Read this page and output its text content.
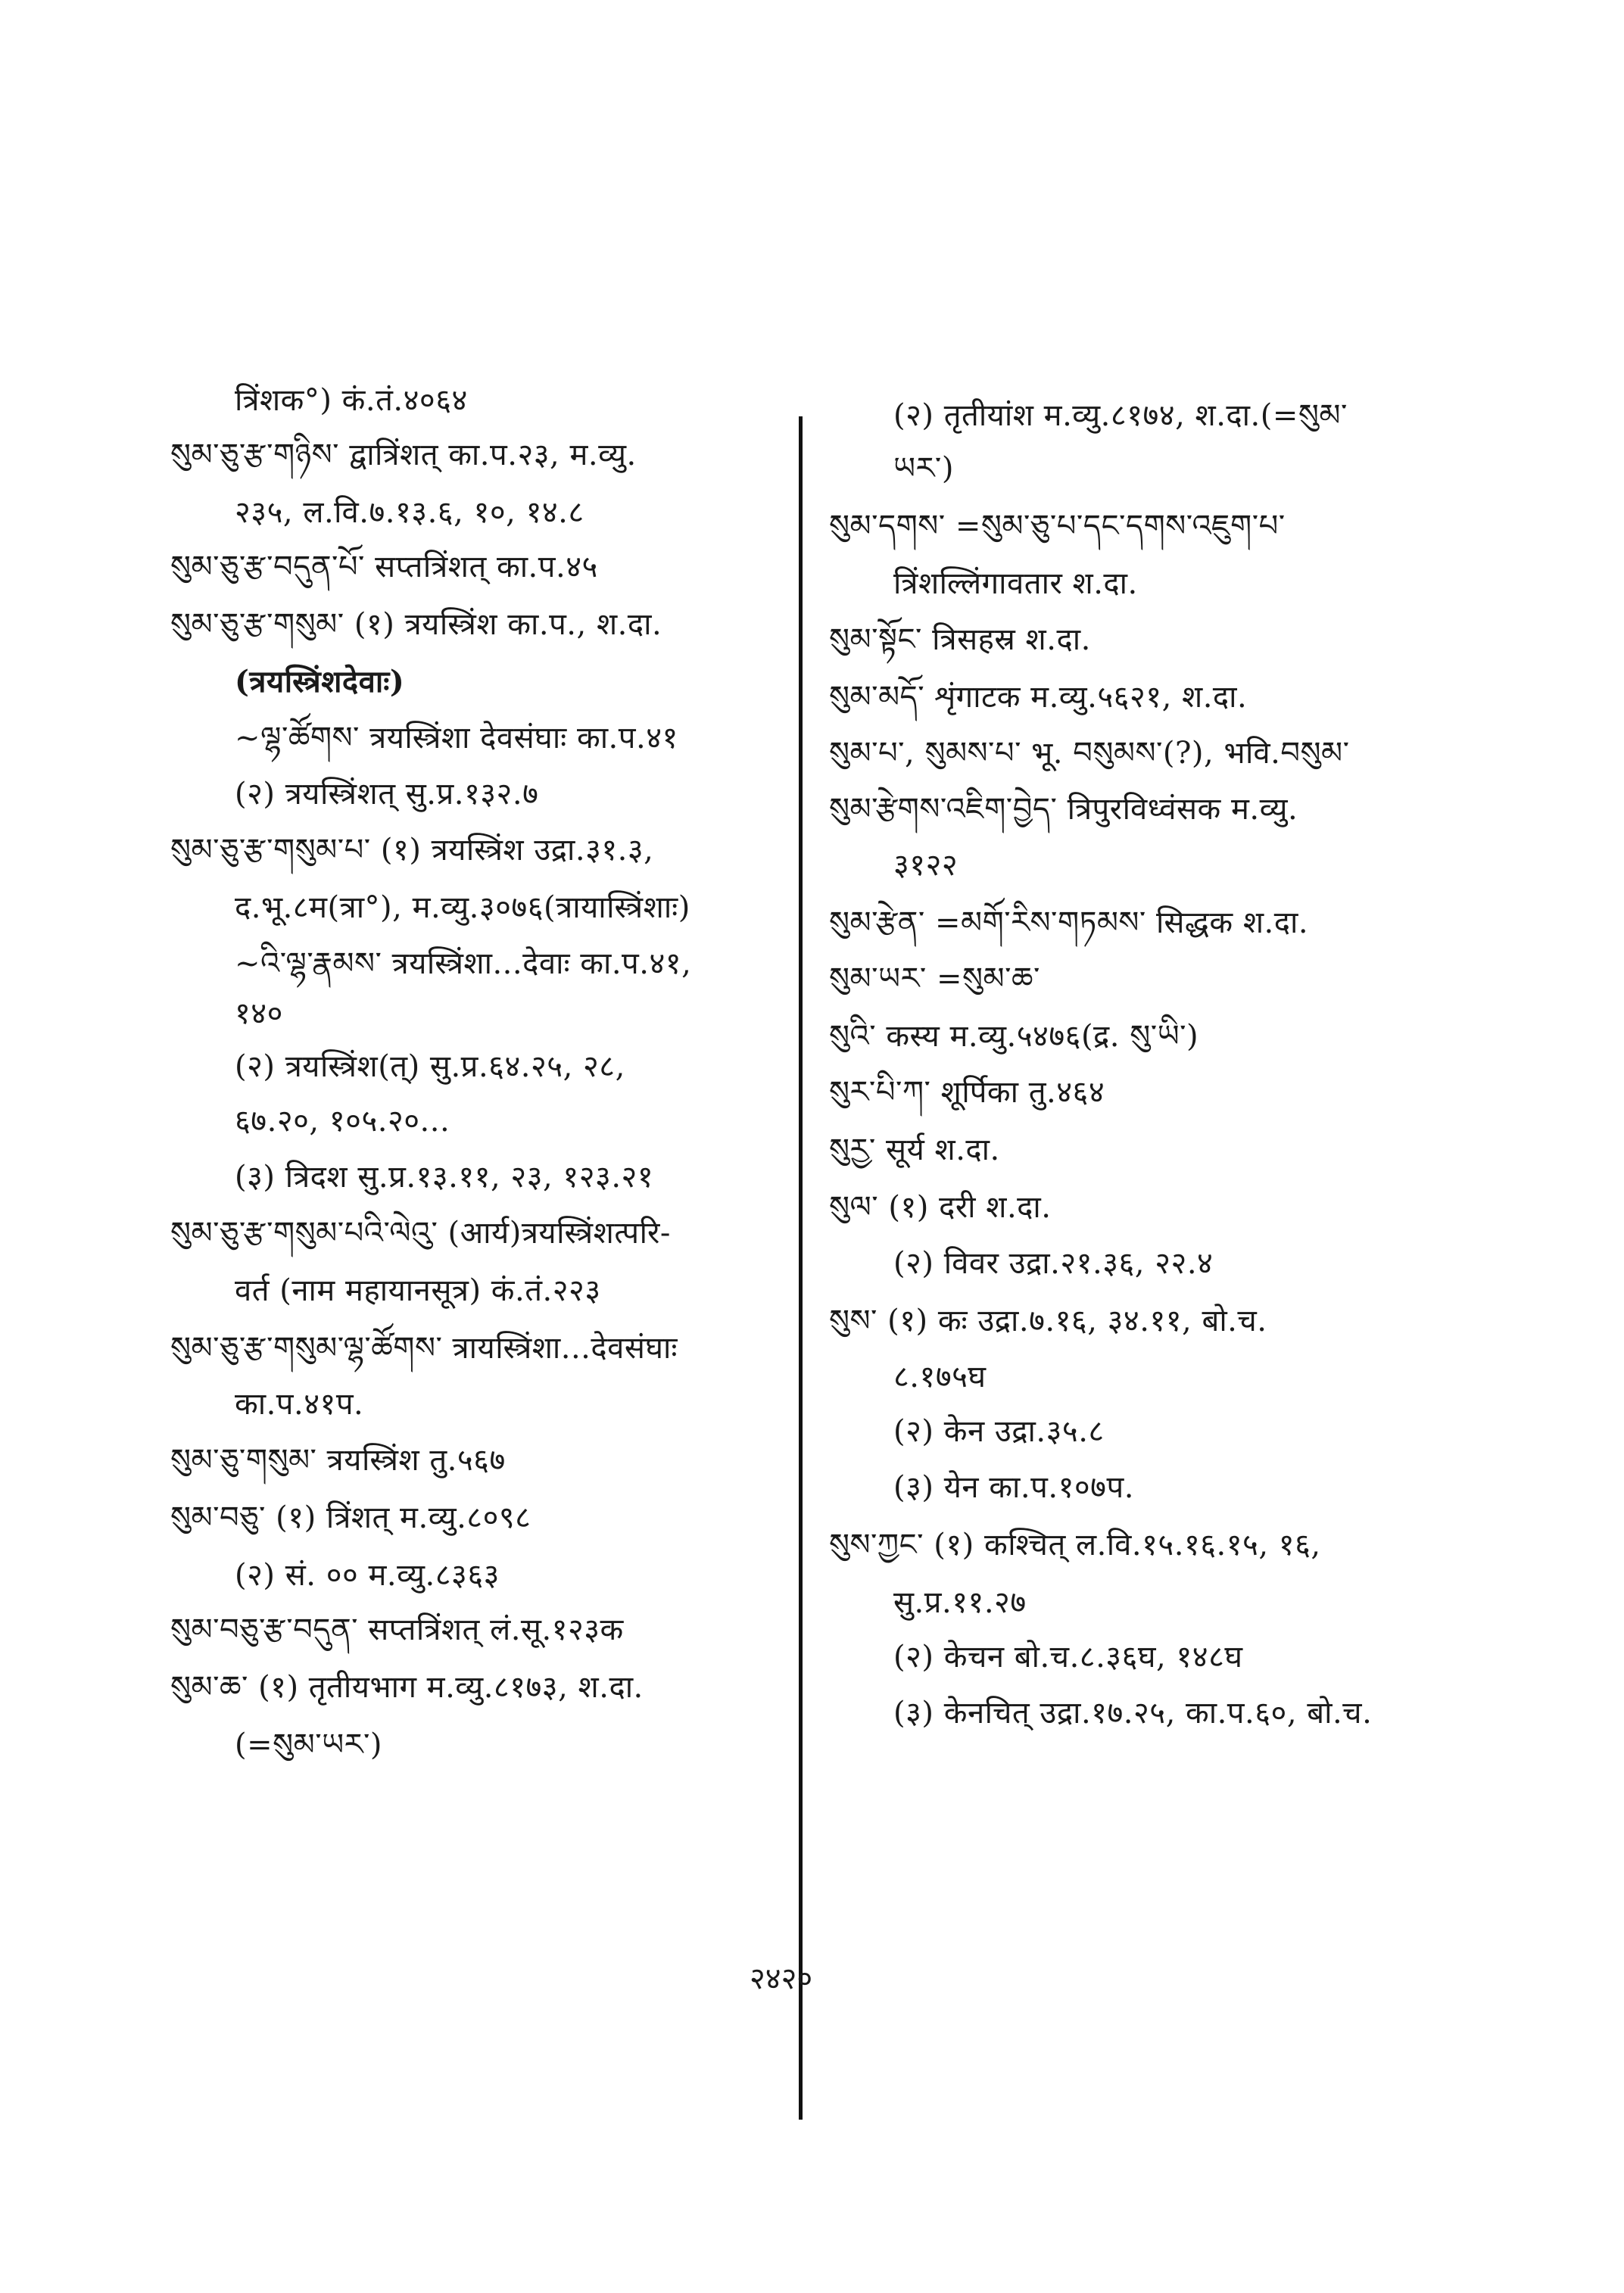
त्रिंशक°) कं.तं.४०६४
སུམ་ཅུ་རྩ་གཉིས་ द्वात्रिंशत् का.प.२३, म.व्यु.
२३५, ल.वि.७.१३.६, १०, १४.८
སུམ་ཅུ་རྩ་བདུན་པོ་ सप्तत्रिंशत् का.प.४५
སུམ་ཅུ་རྩ་གསུམ་ (१) त्रयस्त्रिंश का.प., श.दा.
(त्रयस्त्रिंशदेवाः)
~ལྷ་ཚོགས་ त्रयस्त्रिंशा देवसंघाः का.प.४१
(२) त्रयस्त्रिंशत् सु.प्र.१३२.७
སུམ་ཅུ་རྩ་གསུམ་པ་ (१) त्रयस्त्रिंश उद्रा.३१.३,
द.भू.८म(त्रा°), म.व्यु.३०७६(त्रायास्त्रिंशाः)
~འི་ལྷ་རྣམས་ त्रयस्त्रिंशा...देवाः का.प.४१,
१४०
(२) त्रयस्त्रिंश(त्) सु.प्र.६४.२५, २८,
६७.२०, १०५.२०...
(३) त्रिदश सु.प्र.१३.११, २३, १२३.२१
སུམ་ཅུ་རྩ་གསུམ་པའི་ལེའུ་ (आर्य)त्रयस्त्रिंशत्परि-
वर्त (नाम महायानसूत्र) कं.तं.२२३
སུམ་ཅུ་རྩ་གསུམ་ལྷ་ཚོགས་ त्रायस्त्रिंशा...देवसंघाः
का.प.४१प.
སུམ་ཅུ་གསུམ་ त्रयस्त्रिंश तु.५६७
སུམ་བཅུ་ (१) त्रिंशत् म.व्यु.८०९८
(२) सं. ०० म.व्यु.८३६३
སུམ་བཅུ་རྩ་བདུན་ सप्तत्रिंशत् लं.सू.१२३क
སུམ་ཆ་ (१) तृतीयभाग म.व्यु.८१७३, श.दा.
(=སུམ་ཡར་)
(२) तृतीयांश म.व्यु.८१७४, श.दा.(=སུམ་
ཡར་)
སུམ་དགས་ =སུམ་ཅུ་པ་དང་དགས་འཇུག་པ་
त्रिंशल्लिंगावतार श.दा.
སུམ་སྟོང་ त्रिसहस्र श.दा.
སུམ་མདོ་ शृंगाटक म.व्यु.५६२१, श.दा.
སུམ་པ་, སུམས་པ་ भू. བསུམས་(?), भवि.བསུམ་
སུམ་རྩེགས་འཇིག་བྱེད་ त्रिपुरविध्वंसक म.व्यु.
३१२२
སུམ་རྩེན་ =མགོ་རིས་གཏམས་ सिद्धक श.दा.
སུམ་ཡར་ =སུམ་ཆ་
སུའི་ कस्य म.व्यु.५४७६(द्र. སུ་ཡི་)
སུར་པི་ཀ་ शूर्पिका तु.४६४
སུརྱ་ सूर्य श.दा.
སུལ་ (१) दरी श.दा.
(२) विवर उद्रा.२१.३६, २२.४
སུས་ (१) कः उद्रा.७.१६, ३४.११, बो.च.
८.१७५घ
(२) केन उद्रा.३५.८
(३) येन का.प.१०७प.
སུས་ཀྱང་ (१) कश्चित् ल.वि.१५.१६.१५, १६,
सु.प्र.११.२७
(२) केचन बो.च.८.३६घ, १४८घ
(३) केनचित् उद्रा.१७.२५, का.प.६०, बो.च.
२४२०
